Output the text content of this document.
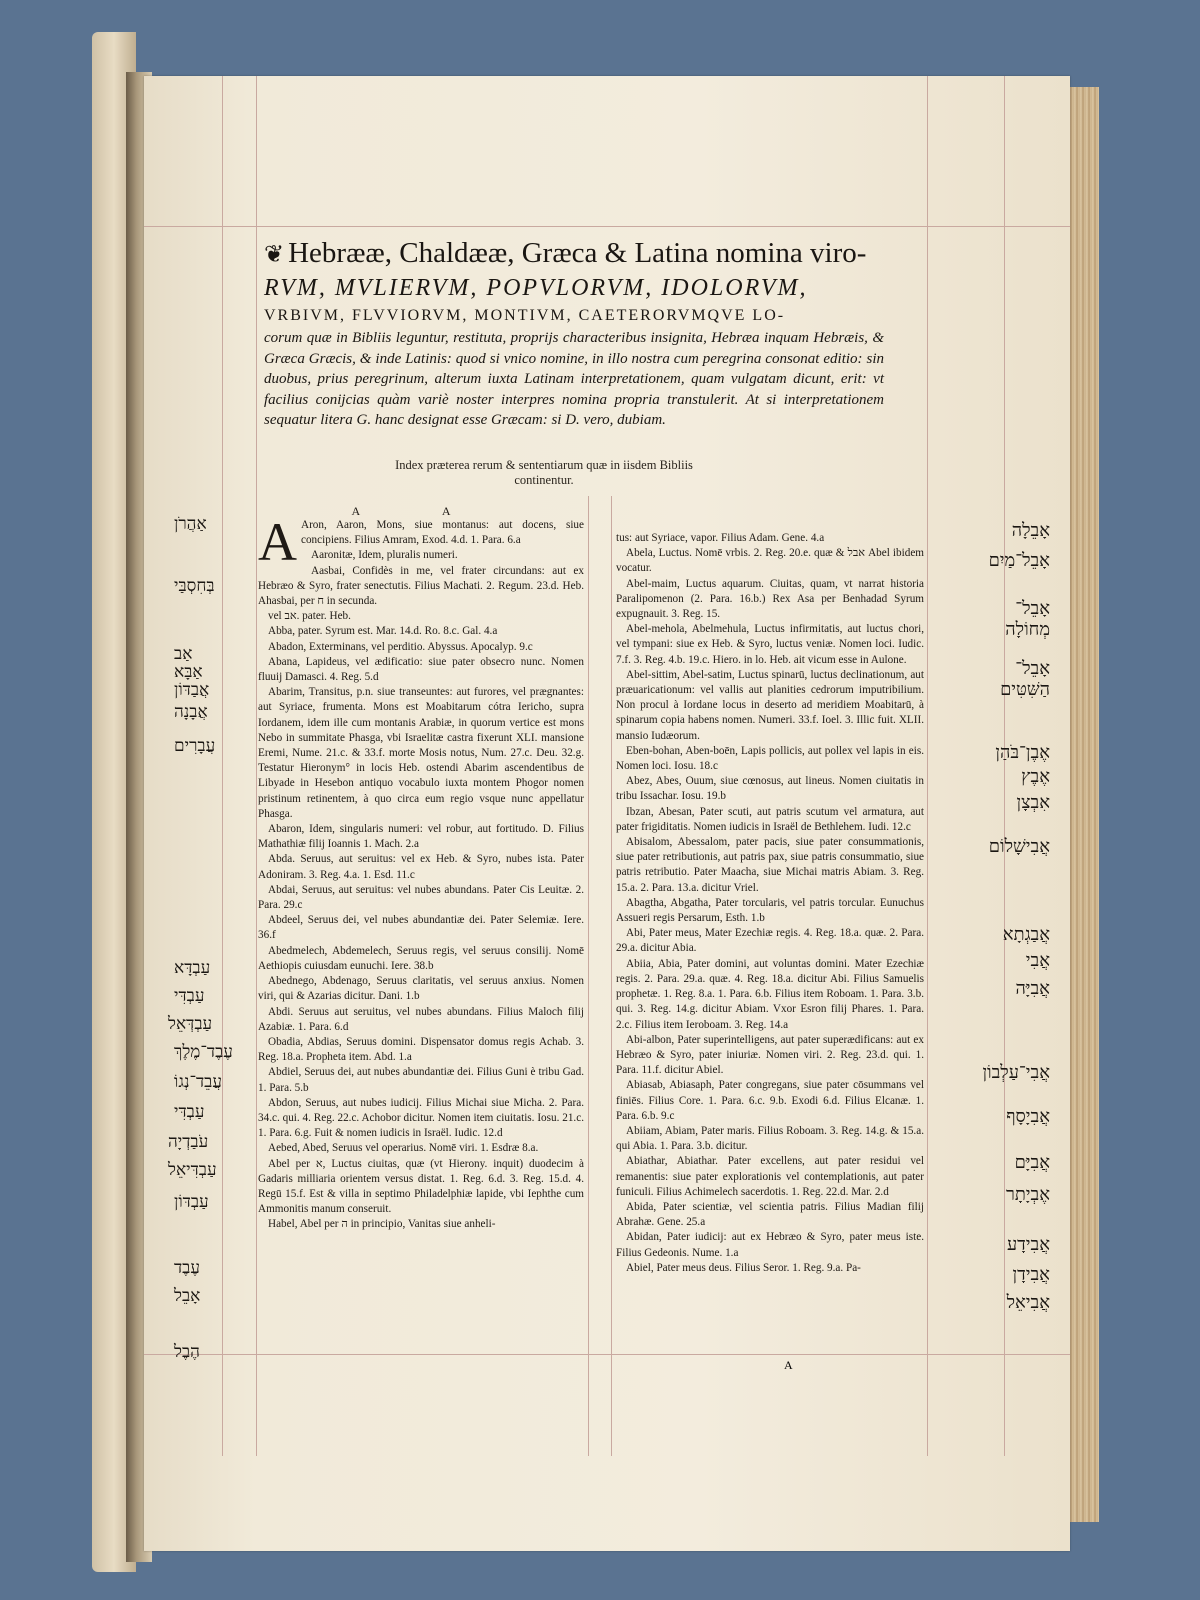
❦ Hebrææ, Chaldææ, Græca & Latina nomina viro-
RVM, MVLIERVM, POPVLORVM, IDOLORVM,
VRBIVM, FLVVIORVM, MONTIVM, CAETERORVMQVE LO-
corum quæ in Bibliis leguntur, restituta, proprijs characteribus insignita, Hebræa inquam Hebræis, & Græca Græcis, & inde Latinis: quod si vnico nomine, in illo nostra cum peregrina consonat editio: sin duobus, prius peregrinum, alterum iuxta Latinam interpretationem, quam vulgatam dicunt, erit: vt facilius conijcias quàm variè noster interpres nomina propria transtulerit. At si interpretationem sequatur litera G. hanc designat esse Græcam: si D. vero, dubiam.
Index præterea rerum & sententiarum quæ in iisdem Bibliis continentur.
A A

A Aron, Aaron, Mons, siue montanus: aut docens, siue concipiens. Filius Amram, Exod. 4.d. 1. Para. 6.a

Aaronitæ, Idem, pluralis numeri.

Aasbai, Confidès in me, vel frater circundans: aut ex Hebræo & Syro, frater senectutis. Filius Machati. 2. Regum. 23.d. Heb. Ahasbai, per ח in secunda.

vel אב. pater. Heb.

Abba, pater. Syrum est. Mar. 14.d. Ro. 8.c. Gal. 4.a

Abadon, Exterminans, vel perditio. Abyssus. Apocalyp. 9.c

Abana, Lapideus, vel ædificatio: siue pater obsecro nunc. Nomen fluuij Damasci. 4. Reg. 5.d

Abarim, Transitus, p.n. siue transeuntes: aut furores, vel prægnantes: aut Syriace, frumenta. Mons est Moabitarum cótra Iericho, supra Iordanem, idem ille cum montanis Arabiæ, in quorum vertice est mons Nebo in summitate Phasga, vbi Israelitæ castra fixerunt XLI. mansione Eremi, Nume. 21.c. & 33.f. morte Mosis notus, Num. 27.c. Deu. 32.g. Testatur Hieronym° in locis Heb. ostendi Abarim ascendentibus de Libyade in Hesebon antiquo vocabulo iuxta montem Phogor nomen pristinum retinentem, à quo circa eum regio vsque nunc appellatur Phasga.

Abaron, Idem, singularis numeri: vel robur, aut fortitudo. D. Filius Mathathiæ filij Ioannis 1. Mach. 2.a

Abda. Seruus, aut seruitus: vel ex Heb. & Syro, nubes ista. Pater Adoniram. 3. Reg. 4.a. 1. Esd. 11.c

Abdai, Seruus, aut seruitus: vel nubes abundans. Pater Cis Leuitæ. 2. Para. 29.c

Abdeel, Seruus dei, vel nubes abundantiæ dei. Pater Selemiæ. Iere. 36.f

Abedmelech, Abdemelech, Seruus regis, vel seruus consilij. Nomē Aethiopis cuiusdam eunuchi. Iere. 38.b

Abednego, Abdenago, Seruus claritatis, vel seruus anxius. Nomen viri, qui & Azarias dicitur. Dani. 1.b

Abdi. Seruus aut seruitus, vel nubes abundans. Filius Maloch filij Azabiæ. 1. Para. 6.d

Obadia, Abdias, Seruus domini. Dispensator domus regis Achab. 3. Reg. 18.a. Propheta item. Abd. 1.a

Abdiel, Seruus dei, aut nubes abundantiæ dei. Filius Guni è tribu Gad. 1. Para. 5.b

Abdon, Seruus, aut nubes iudicij. Filius Michai siue Micha. 2. Para. 34.c. qui. 4. Reg. 22.c. Achobor dicitur. Nomen item ciuitatis. Iosu. 21.c. 1. Para. 6.g. Fuit & nomen iudicis in Israël. Iudic. 12.d

Aebed, Abed, Seruus vel operarius. Nomē viri. 1. Esdræ 8.a.

Abel per א, Luctus ciuitas, quæ (vt Hierony. inquit) duodecim à Gadaris milliaria orientem versus distat. 1. Reg. 6.d. 3. Reg. 15.d. 4. Regū 15.f. Est & villa in septimo Philadelphiæ lapide, vbi Iephthe cum Ammonitis manum conseruit.

Habel, Abel per ה in principio, Vanitas siue anheli-

tus: aut Syriace, vapor. Filius Adam. Gene. 4.a

Abela, Luctus. Nomē vrbis. 2. Reg. 20.e. quæ & אבל Abel ibidem vocatur.

Abel-maim, Luctus aquarum. Ciuitas, quam, vt narrat historia Paralipomenon (2. Para. 16.b.) Rex Asa per Benhadad Syrum expugnauit. 3. Reg. 15.

Abel-mehola, Abelmehula, Luctus infirmitatis, aut luctus chori, vel tympani: siue ex Heb. & Syro, luctus veniæ. Nomen loci. Iudic. 7.f. 3. Reg. 4.b. 19.c. Hiero. in lo. Heb. ait vicum esse in Aulone.

Abel-sittim, Abel-satim, Luctus spinarū, luctus declinationum, aut præuaricationum: vel vallis aut planities cedrorum imputribilium. Non procul à Iordane locus in deserto ad meridiem Moabitarū, à spinarum copia habens nomen. Numeri. 33.f. Ioel. 3. Illic fuit. XLII. mansio Iudæorum.

Eben-bohan, Aben-boēn, Lapis pollicis, aut pollex vel lapis in eis. Nomen loci. Iosu. 18.c

Abez, Abes, Ouum, siue cœnosus, aut lineus. Nomen ciuitatis in tribu Issachar. Iosu. 19.b

Ibzan, Abesan, Pater scuti, aut patris scutum vel armatura, aut pater frigiditatis. Nomen iudicis in Israël de Bethlehem. Iudi. 12.c

Abisalom, Abessalom, pater pacis, siue pater consummationis, siue pater retributionis, aut patris pax, siue patris consummatio, siue patris retributio. Pater Maacha, siue Michai matris Abiam. 3. Reg. 15.a. 2. Para. 13.a. dicitur Vriel.

Abagtha, Abgatha, Pater torcularis, vel patris torcular. Eunuchus Assueri regis Persarum, Esth. 1.b

Abi, Pater meus, Mater Ezechiæ regis. 4. Reg. 18.a. quæ. 2. Para. 29.a. dicitur Abia.

Abiia, Abia, Pater domini, aut voluntas domini. Mater Ezechiæ regis. 2. Para. 29.a. quæ. 4. Reg. 18.a. dicitur Abi. Filius Samuelis prophetæ. 1. Reg. 8.a. 1. Para. 6.b. Filius item Roboam. 1. Para. 3.b. qui. 3. Reg. 14.g. dicitur Abiam. Vxor Esron filij Phares. 1. Para. 2.c. Filius item Ieroboam. 3. Reg. 14.a

Abi-albon, Pater superintelligens, aut pater superædificans: aut ex Hebræo & Syro, pater iniuriæ. Nomen viri. 2. Reg. 23.d. qui. 1. Para. 11.f. dicitur Abiel.

Abiasab, Abiasaph, Pater congregans, siue pater cōsummans vel finiēs. Filius Core. 1. Para. 6.c. 9.b. Exodi 6.d. Filius Elcanæ. 1. Para. 6.b. 9.c

Abiiam, Abiam, Pater maris. Filius Roboam. 3. Reg. 14.g. & 15.a. qui Abia. 1. Para. 3.b. dicitur.

Abiathar, Abiathar. Pater excellens, aut pater residui vel remanentis: siue pater explorationis vel contemplationis, aut pater funiculi. Filius Achimelech sacerdotis. 1. Reg. 22.d. Mar. 2.d

Abida, Pater scientiæ, vel scientia patris. Filius Madian filij Abrahæ. Gene. 25.a

Abidan, Pater iudicij: aut ex Hebræo & Syro, pater meus iste. Filius Gedeonis. Nume. 1.a

Abiel, Pater meus deus. Filius Seror. 1. Reg. 9.a. Pa-

אַהֲרֹן
בְּחִסְבַּי
אַב
אַבָּא
אֲבַדּוֹן
אֲבָנָה
עֲבָרִים
עַבְדָּא
עַבְדִּי
עַבְדְּאֵל
עֶבֶד־מֶלֶךְ
עֲבֵד־נְגוֹ
עַבְדִּי
עֹבַדְיָה
עַבְדִּיאֵל
עַבְדּוֹן
עֶבֶד
אָבֵל
הֶבֶל
אָבֵלָה
אָבֵל־מַיִם
אָבֵל־ מְחוֹלָה
אָבֵל־ הַשִּׁטִּים
אֶבֶן־בֹּהַן
אֶבֶץ
אִבְצָן
אֲבִישָׁלוֹם
אֲבַגְתָא
אֲבִי
אֲבִיָּה
אֲבִי־עַלְבוֹן
אֲבִיָסָף
אֲבִיָּם
אֶבְיָתָר
אֲבִידָע
אֲבִידָן
אֲבִיאֵל
A
